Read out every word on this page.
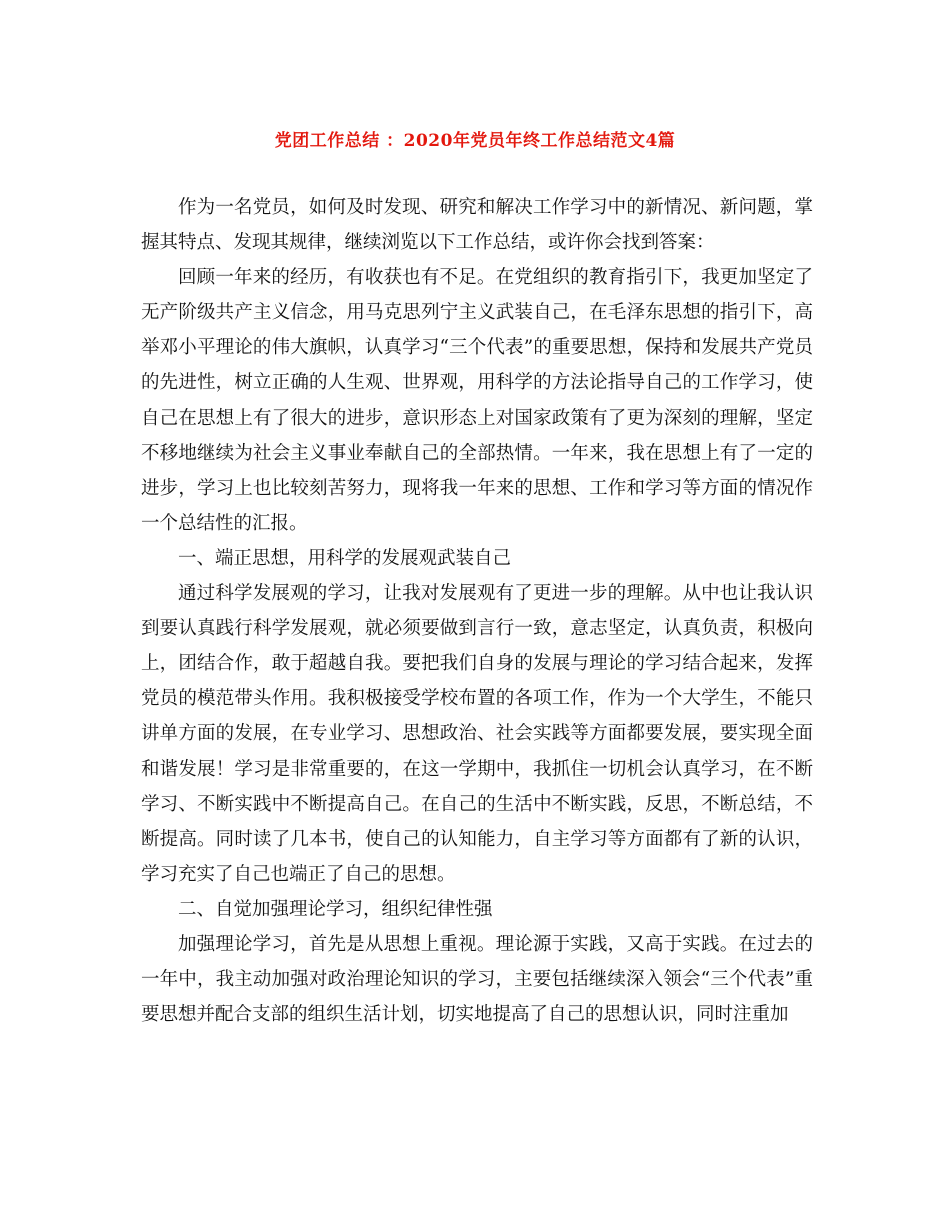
党团工作总结 ：2020年党员年终工作总结范文4篇

作为一名党员，如何及时发现、研究和解决工作学习中的新情况、新问题，掌握其特点、发现其规律，继续浏览以下工作总结，或许你会找到答案：

回顾一年来的经历，有收获也有不足。在党组织的教育指引下，我更加坚定了无产阶级共产主义信念，用马克思列宁主义武装自己，在毛泽东思想的指引下，高举邓小平理论的伟大旗帜，认真学习“三个代表”的重要思想，保持和发展共产党员的先进性，树立正确的人生观、世界观，用科学的方法论指导自己的工作学习，使自己在思想上有了很大的进步，意识形态上对国家政策有了更为深刻的理解，坚定不移地继续为社会主义事业奉献自己的全部热情。一年来，我在思想上有了一定的进步，学习上也比较刻苦努力，现将我一年来的思想、工作和学习等方面的情况作一个总结性的汇报。

一、端正思想，用科学的发展观武装自己

通过科学发展观的学习，让我对发展观有了更进一步的理解。从中也让我认识到要认真践行科学发展观，就必须要做到言行一致，意志坚定，认真负责，积极向上，团结合作，敢于超越自我。要把我们自身的发展与理论的学习结合起来，发挥党员的模范带头作用。我积极接受学校布置的各项工作，作为一个大学生，不能只讲单方面的发展，在专业学习、思想政治、社会实践等方面都要发展，要实现全面和谐发展！学习是非常重要的，在这一学期中，我抓住一切机会认真学习，在不断学习、不断实践中不断提高自己。在自己的生活中不断实践，反思，不断总结，不断提高。同时读了几本书，使自己的认知能力，自主学习等方面都有了新的认识，学习充实了自己也端正了自己的思想。

二、自觉加强理论学习，组织纪律性强

加强理论学习，首先是从思想上重视。理论源于实践，又高于实践。在过去的一年中，我主动加强对政治理论知识的学习，主要包括继续深入领会“三个代表”重要思想并配合支部的组织生活计划，切实地提高了自己的思想认识，同时注重加
